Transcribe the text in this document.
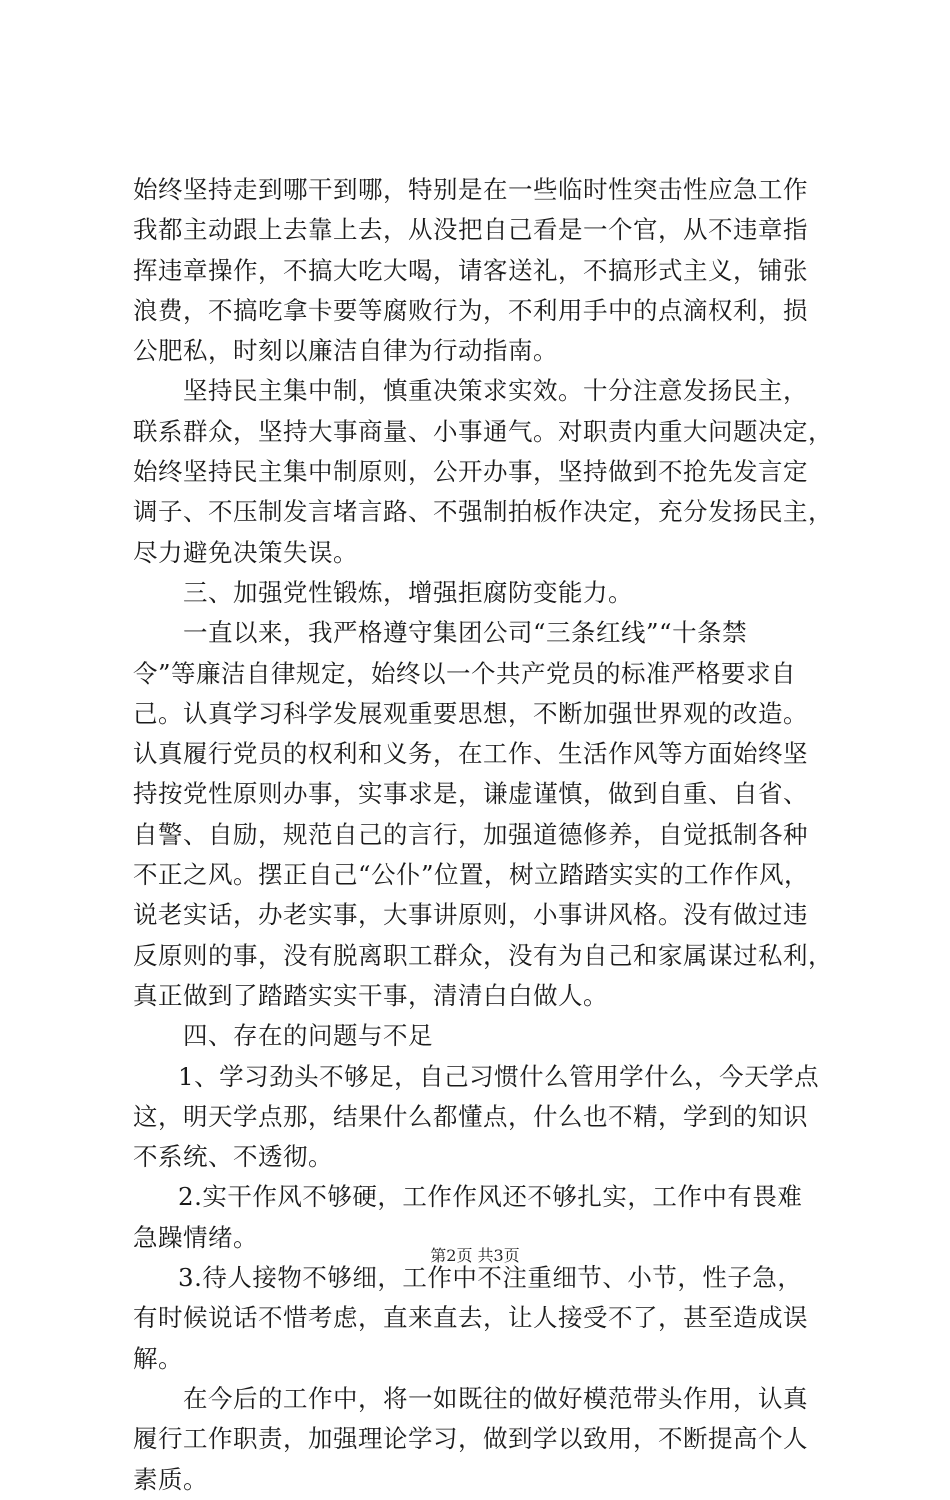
始终坚持走到哪干到哪，特别是在一些临时性突击性应急工作
我都主动跟上去靠上去，从没把自己看是一个官，从不违章指
挥违章操作，不搞大吃大喝，请客送礼，不搞形式主义，铺张
浪费，不搞吃拿卡要等腐败行为，不利用手中的点滴权利，损
公肥私，时刻以廉洁自律为行动指南。
坚持民主集中制，慎重决策求实效。十分注意发扬民主，
联系群众，坚持大事商量、小事通气。对职责内重大问题决定，
始终坚持民主集中制原则，公开办事，坚持做到不抢先发言定
调子、不压制发言堵言路、不强制拍板作决定，充分发扬民主，
尽力避免决策失误。
三、加强党性锻炼，增强拒腐防变能力。
一直以来，我严格遵守集团公司“三条红线”“十条禁
令”等廉洁自律规定，始终以一个共产党员的标准严格要求自
己。认真学习科学发展观重要思想，不断加强世界观的改造。
认真履行党员的权利和义务，在工作、生活作风等方面始终坚
持按党性原则办事，实事求是，谦虚谨慎，做到自重、自省、
自警、自励，规范自己的言行，加强道德修养，自觉抵制各种
不正之风。摆正自己“公仆”位置，树立踏踏实实的工作作风，
说老实话，办老实事，大事讲原则，小事讲风格。没有做过违
反原则的事，没有脱离职工群众，没有为自己和家属谋过私利，
真正做到了踏踏实实干事，清清白白做人。
四、存在的问题与不足
1、学习劲头不够足，自己习惯什么管用学什么，今天学点
这，明天学点那，结果什么都懂点，什么也不精，学到的知识
不系统、不透彻。
2.实干作风不够硬，工作作风还不够扎实，工作中有畏难
急躁情绪。
3.待人接物不够细，工作中不注重细节、小节，性子急，
有时候说话不惜考虑，直来直去，让人接受不了，甚至造成误
解。
在今后的工作中，将一如既往的做好模范带头作用，认真
履行工作职责，加强理论学习，做到学以致用，不断提高个人
素质。
第2页 共3页
